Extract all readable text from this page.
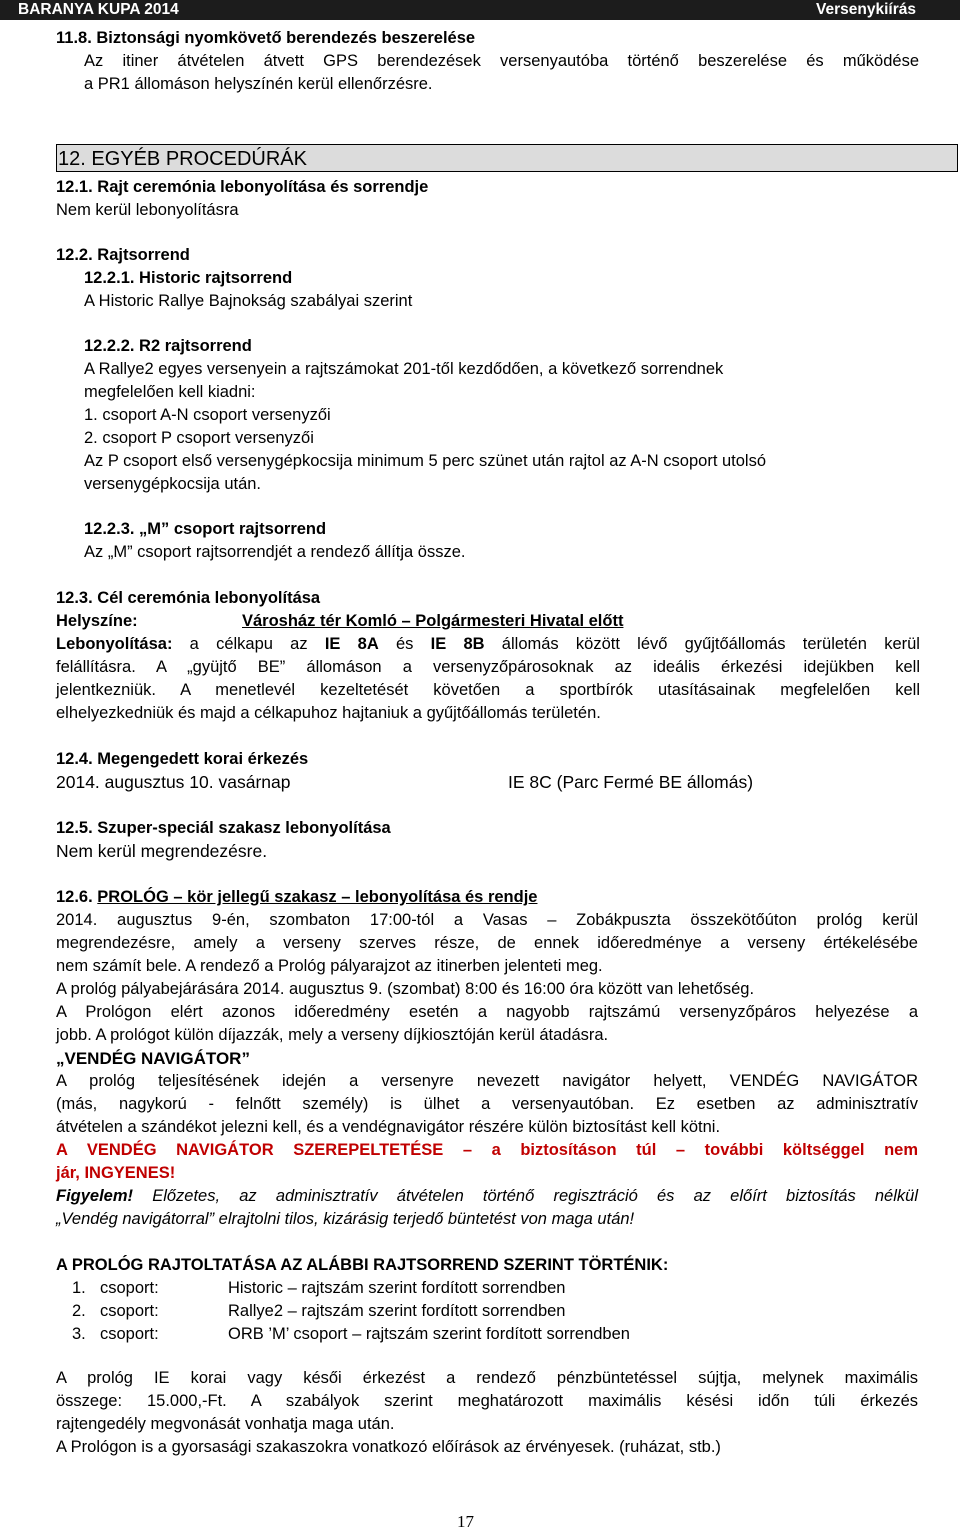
BARANYA KUPA 2014	Versenykiírás
11.8. Biztonsági nyomkövető berendezés beszerelése
Az itiner átvételen átvett GPS berendezések versenyautóba történő beszerelése és működése
a PR1 állomáson helyszínén kerül ellenőrzésre.
12. EGYÉB PROCEDÚRÁK
12.1. Rajt ceremónia lebonyolítása és sorrendje
Nem kerül lebonyolításra
12.2. Rajtsorrend
12.2.1. Historic rajtsorrend
A Historic Rallye Bajnokság szabályai szerint
12.2.2. R2 rajtsorrend
A Rallye2 egyes versenyein a rajtszámokat 201-től kezdődően, a következő sorrendnek
megfelelően kell kiadni:
1. csoport A-N csoport versenyzői
2. csoport P csoport versenyzői
Az P csoport első versenygépkocsija minimum 5 perc szünet után rajtol az A-N csoport utolsó
versenygépkocsija után.
12.2.3. „M” csoport rajtsorrend
Az „M” csoport rajtsorrendjét a rendező állítja össze.
12.3. Cél ceremónia lebonyolítása
Helyszíne:	Városház tér Komló – Polgármesteri Hivatal előtt
Lebonyolítása: a célkapu az IE 8A és IE 8B állomás között lévő gyűjtőállomás területén kerül
felállításra. A „gyüjtő BE” állomáson a versenyzőpárosoknak az ideális érkezési idejükben kell
jelentkezniük. A menetlevél kezeltetését követően a sportbírók utasításainak megfelelően kell
elhelyezkedniük és majd a célkapuhoz hajtaniuk a gyűjtőállomás területén.
12.4. Megengedett korai érkezés
2014. augusztus 10. vasárnap	IE 8C (Parc Fermé BE állomás)
12.5. Szuper-speciál szakasz lebonyolítása
Nem kerül megrendezésre.
12.6. PROLÓG – kör jellegű szakasz – lebonyolítása és rendje
2014. augusztus 9-én, szombaton 17:00-tól a Vasas – Zobákpuszta összekötőúton prológ kerül
megrendezésre, amely a verseny szerves része, de ennek időeredménye a verseny értékelésébe
nem számít bele. A rendező a Prológ pályarajzot az itinerben jelenteti meg.
A prológ pályabejárására 2014. augusztus 9. (szombat) 8:00 és 16:00 óra között van lehetőség.
A Prológon elért azonos időeredmény esetén a nagyobb rajtszámú versenyzőpáros helyezése a
jobb. A prológot külön díjazzák, mely a verseny díjkiosztóján kerül átadásra.
„VENDÉG NAVIGÁTOR”
A prológ teljesítésének idején a versenyre nevezett navigátor helyett, VENDÉG NAVIGÁTOR
(más, nagykorú - felnőtt személy) is ülhet a versenyautóban. Ez esetben az adminisztratív
átvételen a szándékot jelezni kell, és a vendégnavigátor részére külön biztosítást kell kötni.
A VENDÉG NAVIGÁTOR SZEREPELTETÉSE – a biztosításon túl – további költséggel nem
jár, INGYENES!
Figyelem! Előzetes, az adminisztratív átvételen történő regisztráció és az előírt biztosítás nélkül
„Vendég navigátorral” elrajtolni tilos, kizárásig terjedő büntetést von maga után!
A PROLÓG RAJTOLTATÁSA AZ ALÁBBI RAJTSORREND SZERINT TÖRTÉNIK:
1. csoport:	Historic – rajtszám szerint fordított sorrendben
2. csoport:	Rallye2 – rajtszám szerint fordított sorrendben
3. csoport:	ORB ’M’ csoport – rajtszám szerint fordított sorrendben
A prológ IE korai vagy késői érkezést a rendező pénzbüntetéssel sújtja, melynek maximális
összege: 15.000,-Ft. A szabályok szerint meghatározott maximális késési időn túli érkezés
rajtengedély megvonását vonhatja maga után.
A Prológon is a gyorsasági szakaszokra vonatkozó előírások az érvényesek. (ruházat, stb.)
17
